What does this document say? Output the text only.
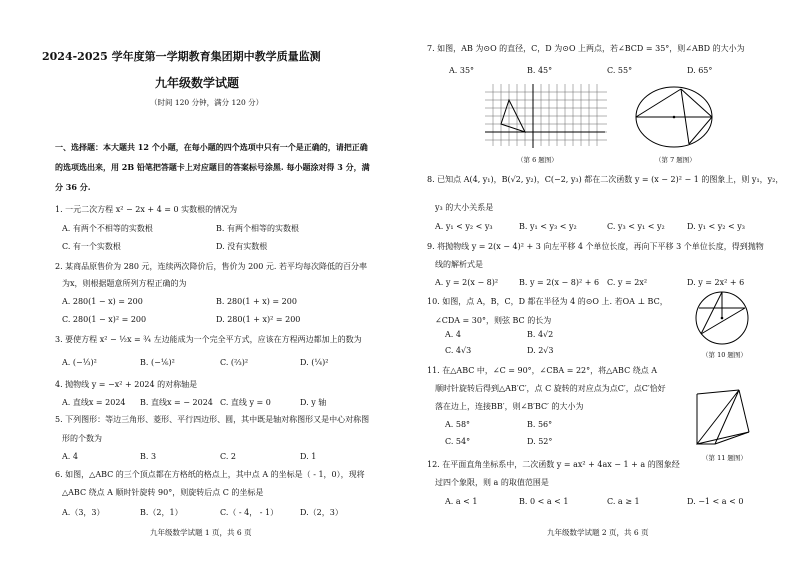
2024-2025 学年度第一学期教育集团期中教学质量监测
九年级数学试题
（时间 120 分钟，满分 120 分）
一、选择题：本大题共 12 个小题，在每小题的四个选项中只有一个是正确的，请把正确
的选项选出来，用 2B 铅笔把答题卡上对应题目的答案标号涂黑. 每小题涂对得 3 分，满
分 36 分.
1. 一元二次方程 x² − 2x + 4 = 0 实数根的情况为
A. 有两个不相等的实数根	B. 有两个相等的实数根
C. 有一个实数根	D. 没有实数根
2. 某商品原售价为 280 元，连续两次降价后，售价为 200 元. 若平均每次降低的百分率
为x，则根据题意所列方程正确的为
A. 280(1 − x) = 200	B. 280(1 + x) = 200
C. 280(1 − x)² = 200	D. 280(1 + x)² = 200
3. 要使方程 x² − ½x = ¾ 左边能成为一个完全平方式，应该在方程两边都加上的数为
A. (−⅓)²	B. (−⅙)²	C. (⅔)²	D. (¼)²
4. 抛物线 y = −x² + 2024 的对称轴是
A. 直线x = 2024 B. 直线x = − 2024 C. 直线 y = 0	D. y 轴
5. 下列图形：等边三角形、菱形、平行四边形、圆，其中既是轴对称图形又是中心对称图
形的个数为
A. 4	B. 3	C. 2	D. 1
6. 如图，△ABC 的三个顶点都在方格纸的格点上，其中点 A 的坐标是（ - 1，0），现将
△ABC 绕点 A 顺时针旋转 90°，则旋转后点 C 的坐标是
A.（3，3）	B.（2，1）	C.（ - 4， - 1）	D.（2，3）
九年级数学试题 1 页，共 6 页
7. 如图，AB 为⊙O 的直径，C，D 为⊙O 上两点，若∠BCD = 35°，则∠ABD 的大小为
A. 35°	B. 45°	C. 55°	D. 65°
（第 6 题图）	（第 7 题图）
8. 已知点 A(4, y₁)，B(√2, y₂)，C(−2, y₃) 都在二次函数 y = (x − 2)² − 1 的图象上，则 y₁，y₂，
y₃ 的大小关系是
A. y₁ < y₂ < y₃	B. y₁ < y₃ < y₂	C. y₃ < y₁ < y₂	D. y₁ < y₂ < y₃
9. 将抛物线 y = 2(x − 4)² + 3 向左平移 4 个单位长度，再向下平移 3 个单位长度，得到抛物
线的解析式是
A. y = 2(x − 8)²	B. y = 2(x − 8)² + 6 C. y = 2x²	D. y = 2x² + 6
10. 如图，点 A，B，C，D 都在半径为 4 的⊙O 上. 若OA ⊥ BC，
∠CDA = 30°，则弦 BC 的长为
A. 4	B. 4√2
C. 4√3	D. 2√3	（第 10 题图）
11. 在△ABC 中，∠C = 90°，∠CBA = 22°，将△ABC 绕点 A
顺时针旋转后得到△AB′C′，点 C 旋转的对应点为点C′，点C′恰好
落在边上，连接BB′，则∠B′BC′ 的大小为
A. 58°	B. 56°
C. 54°	D. 52°
（第 11 题图）
12. 在平面直角坐标系中，二次函数 y = ax² + 4ax − 1 + a 的图象经
过四个象限，则 a 的取值范围是
A. a < 1	B. 0 < a < 1	C. a ≥ 1	D. −1 < a < 0
九年级数学试题 2 页，共 6 页
